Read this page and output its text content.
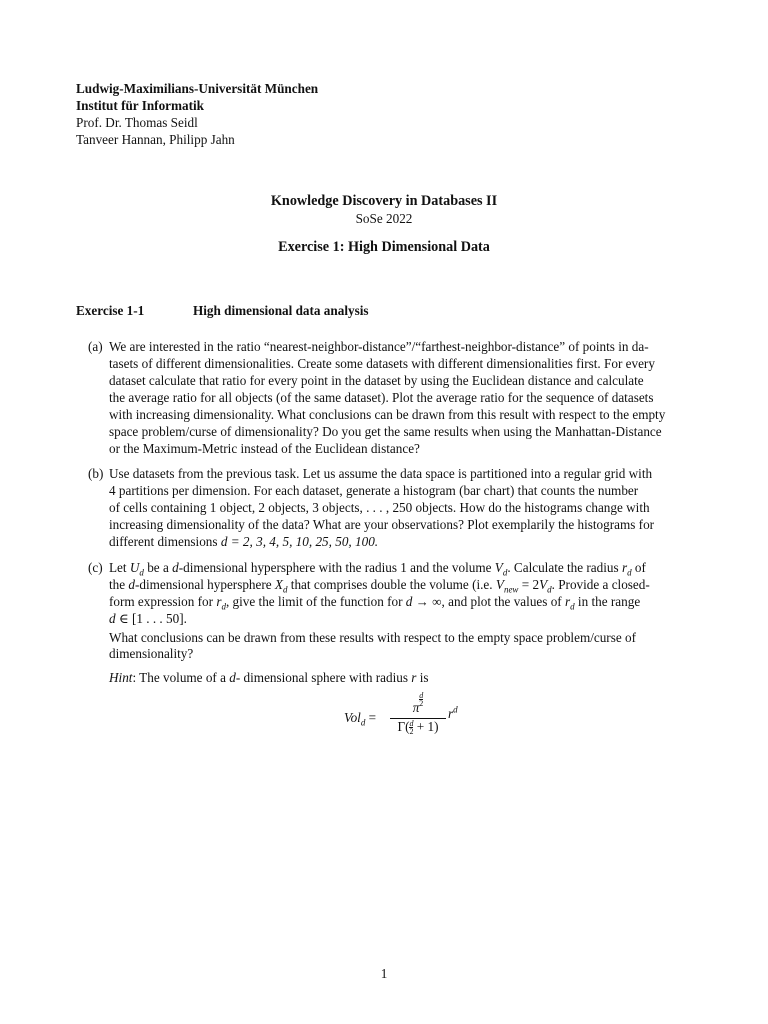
Ludwig-Maximilians-Universität München
Institut für Informatik
Prof. Dr. Thomas Seidl
Tanveer Hannan, Philipp Jahn
Knowledge Discovery in Databases II
SoSe 2022
Exercise 1: High Dimensional Data
Exercise 1-1	High dimensional data analysis
(a) We are interested in the ratio “nearest-neighbor-distance”/“farthest-neighbor-distance” of points in da-
tasets of different dimensionalities. Create some datasets with different dimensionalities first. For every
dataset calculate that ratio for every point in the dataset by using the Euclidean distance and calculate
the average ratio for all objects (of the same dataset). Plot the average ratio for the sequence of datasets
with increasing dimensionality. What conclusions can be drawn from this result with respect to the empty
space problem/curse of dimensionality? Do you get the same results when using the Manhattan-Distance
or the Maximum-Metric instead of the Euclidean distance?
(b) Use datasets from the previous task. Let us assume the data space is partitioned into a regular grid with
4 partitions per dimension. For each dataset, generate a histogram (bar chart) that counts the number
of cells containing 1 object, 2 objects, 3 objects, . . . , 250 objects. How do the histograms change with
increasing dimensionality of the data? What are your observations? Plot exemplarily the histograms for
different dimensions d = 2, 3, 4, 5, 10, 25, 50, 100.
(c) Let $U_d$ be a d-dimensional hypersphere with the radius 1 and the volume $V_d$. Calculate the radius $r_d$ of
the d-dimensional hypersphere $X_d$ that comprises double the volume (i.e. $V_{new} = 2V_d$. Provide a closed-
form expression for $r_d$, give the limit of the function for d → ∞, and plot the values of $r_d$ in the range
d ∈ [1 . . . 50].
What conclusions can be drawn from these results with respect to the empty space problem/curse of
dimensionality?
Hint: The volume of a d- dimensional sphere with radius r is
Vol$_d$ =
π
$\frac{d}{2}$
$\Gamma( \frac{d}{2} + 1)$
$r^d$
1
